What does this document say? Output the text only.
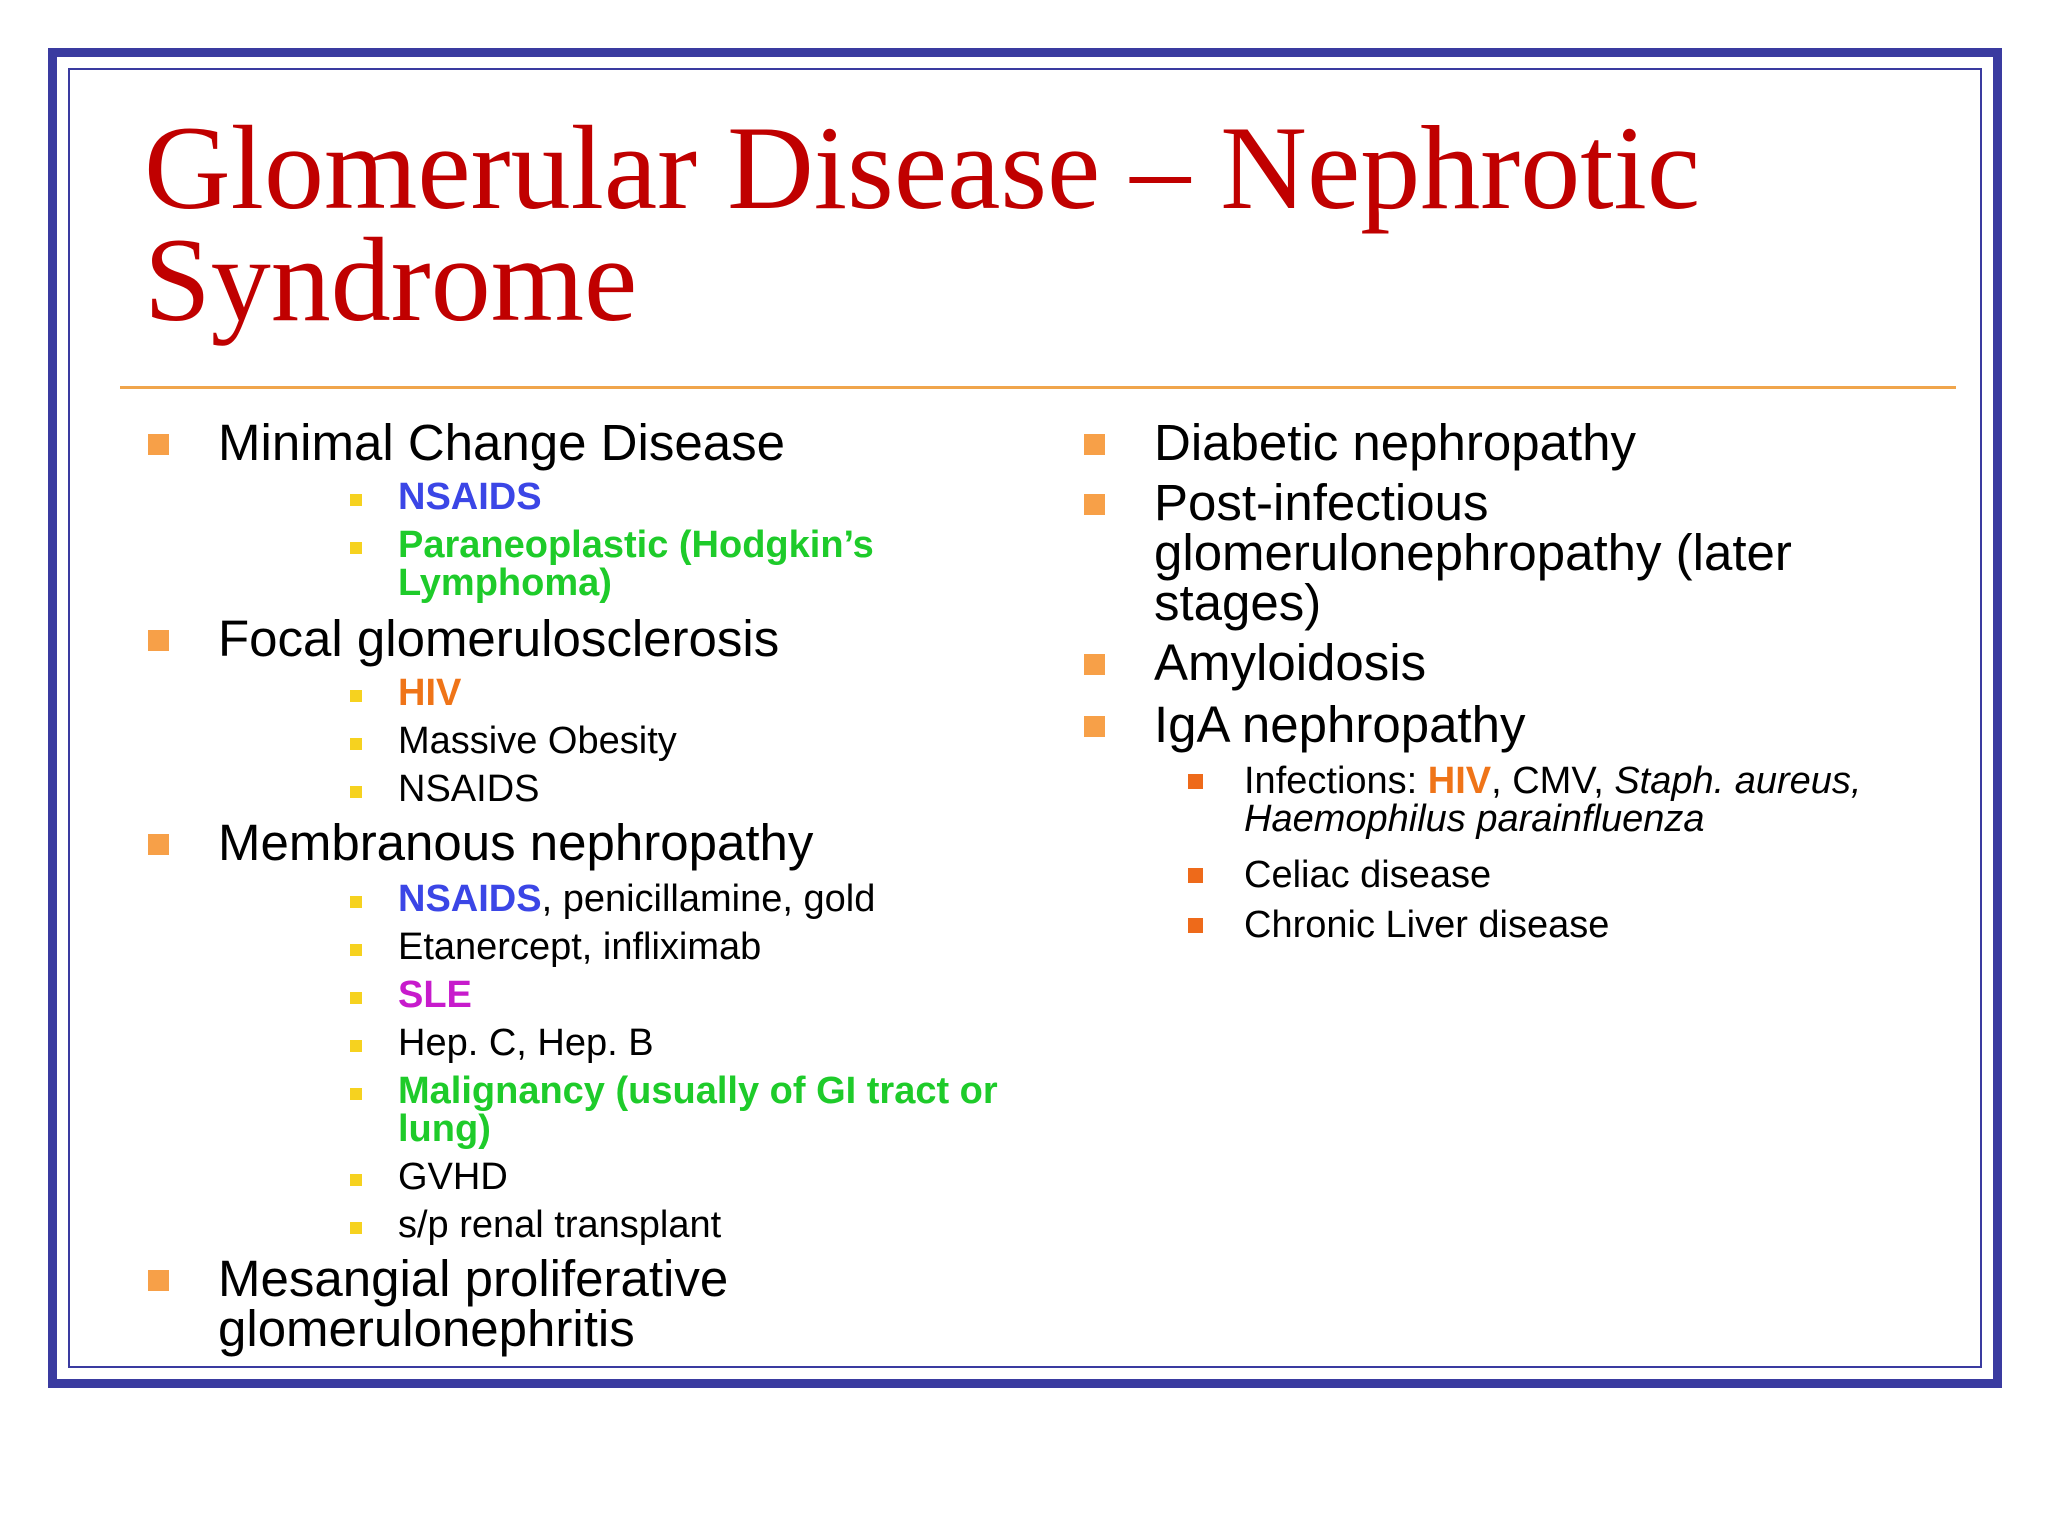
Glomerular Disease – Nephrotic Syndrome
Minimal Change Disease
NSAIDS
Paraneoplastic (Hodgkin’s Lymphoma)
Focal glomerulosclerosis
HIV
Massive Obesity
NSAIDS
Membranous nephropathy
NSAIDS, penicillamine, gold
Etanercept, infliximab
SLE
Hep. C, Hep. B
Malignancy (usually of GI tract or lung)
GVHD
s/p renal transplant
Mesangial proliferative glomerulonephritis
Diabetic nephropathy
Post-infectious glomerulonephropathy (later stages)
Amyloidosis
IgA nephropathy
Infections: HIV, CMV, Staph. aureus, Haemophilus parainfluenza
Celiac disease
Chronic Liver disease
